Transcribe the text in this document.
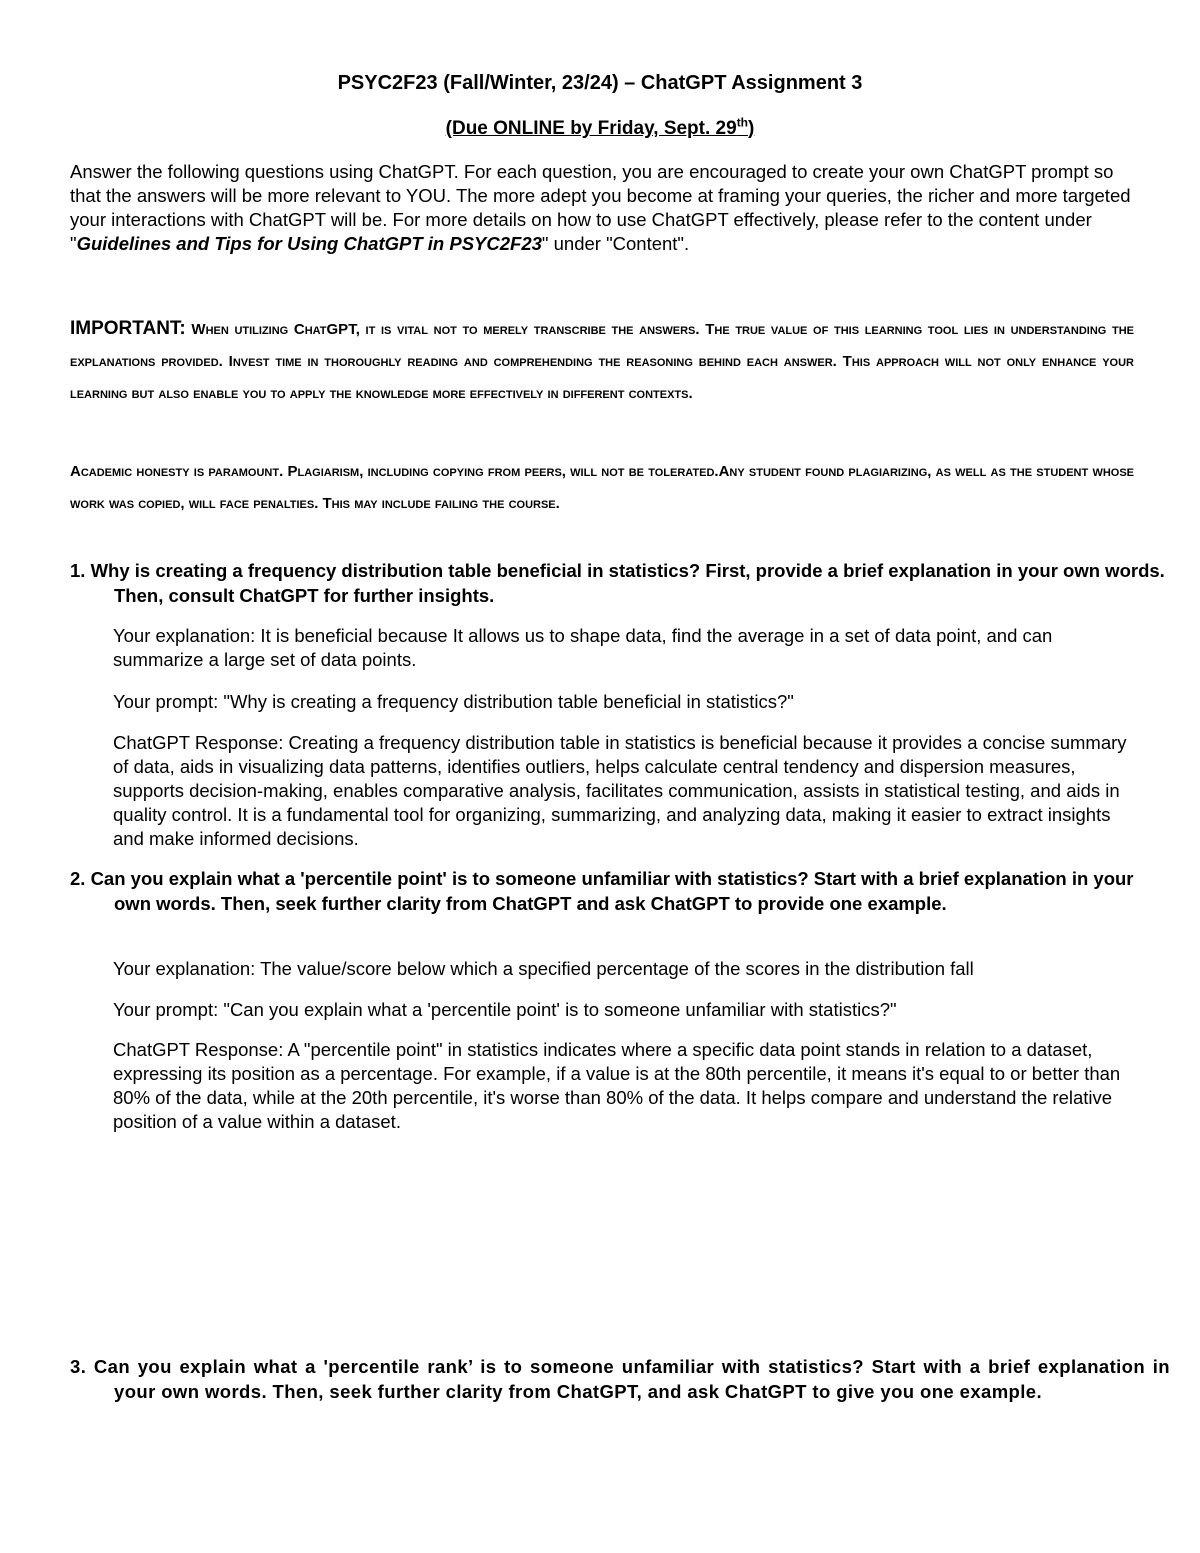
PSYC2F23 (Fall/Winter, 23/24) – ChatGPT Assignment 3
(Due ONLINE by Friday, Sept. 29th)
Answer the following questions using ChatGPT. For each question, you are encouraged to create your own ChatGPT prompt so that the answers will be more relevant to YOU. The more adept you become at framing your queries, the richer and more targeted your interactions with ChatGPT will be. For more details on how to use ChatGPT effectively, please refer to the content under "Guidelines and Tips for Using ChatGPT in PSYC2F23" under "Content".
IMPORTANT: When utilizing ChatGPT, it is vital not to merely transcribe the answers. The true value of this learning tool lies in understanding the explanations provided. Invest time in thoroughly reading and comprehending the reasoning behind each answer. This approach will not only enhance your learning but also enable you to apply the knowledge more effectively in different contexts.
Academic honesty is paramount. Plagiarism, including copying from peers, will not be tolerated.Any student found plagiarizing, as well as the student whose work was copied, will face penalties. This may include failing the course.
1. Why is creating a frequency distribution table beneficial in statistics? First, provide a brief explanation in your own words. Then, consult ChatGPT for further insights.
Your explanation: It is beneficial because It allows us to shape data, find the average in a set of data point, and can summarize a large set of data points.
Your prompt: "Why is creating a frequency distribution table beneficial in statistics?"
ChatGPT Response: Creating a frequency distribution table in statistics is beneficial because it provides a concise summary of data, aids in visualizing data patterns, identifies outliers, helps calculate central tendency and dispersion measures, supports decision-making, enables comparative analysis, facilitates communication, assists in statistical testing, and aids in quality control. It is a fundamental tool for organizing, summarizing, and analyzing data, making it easier to extract insights and make informed decisions.
2. Can you explain what a 'percentile point' is to someone unfamiliar with statistics? Start with a brief explanation in your own words. Then, seek further clarity from ChatGPT and ask ChatGPT to provide one example.
Your explanation: The value/score below which a specified percentage of the scores in the distribution fall
Your prompt: "Can you explain what a 'percentile point' is to someone unfamiliar with statistics?"
ChatGPT Response: A "percentile point" in statistics indicates where a specific data point stands in relation to a dataset, expressing its position as a percentage. For example, if a value is at the 80th percentile, it means it's equal to or better than 80% of the data, while at the 20th percentile, it's worse than 80% of the data. It helps compare and understand the relative position of a value within a dataset.
3. Can you explain what a 'percentile rank’ is to someone unfamiliar with statistics? Start with a brief explanation in your own words. Then, seek further clarity from ChatGPT, and ask ChatGPT to give you one example.
